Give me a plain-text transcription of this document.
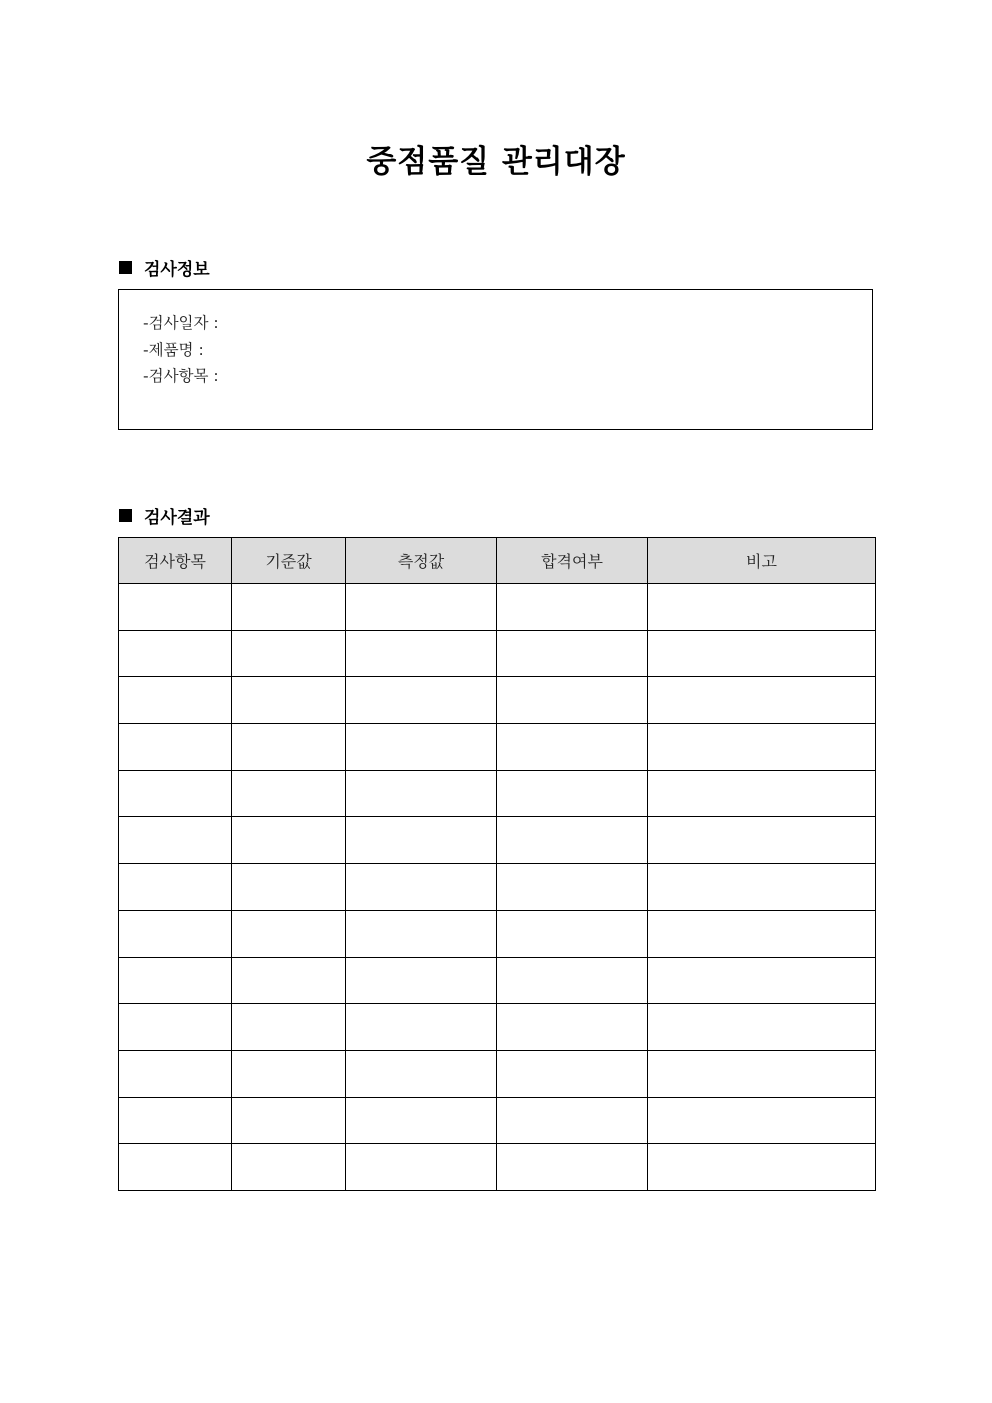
중점품질 관리대장
검사정보
-검사일자 :
-제품명 :
-검사항목 :
검사결과
검사항목	기준값	측정값	합격여부	비고
